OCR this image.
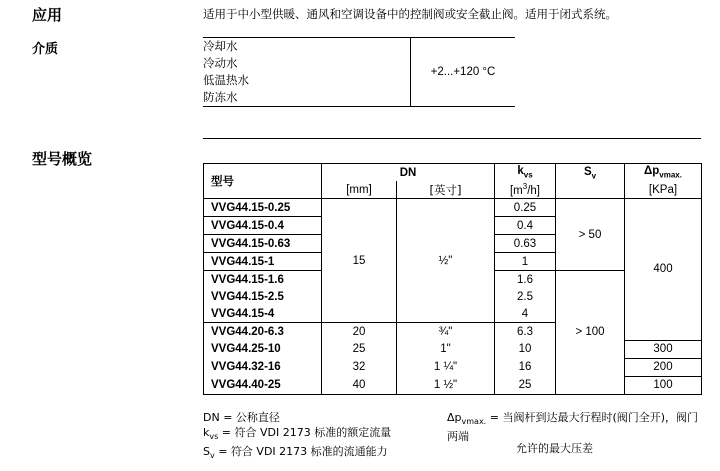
应用	适用于中小型供暖、通风和空调设备中的控制阀或安全截止阀。适用于闭式系统。
介质	冷却水
冷动水
低温热水
防冻水
	+2...+120 °C
型号概览
型号	DN		$k_{vs}$	$S_v$	$\Delta p_{vmax.}$
	[mm]	[英寸]	$[m^3/h]$		[KPa]
VVG44.15-0.25	15	½"	0.25	> 50	400
VVG44.15-0.4			0.4		
VVG44.15-0.63			0.63		
VVG44.15-1			1		
VVG44.15-1.6			1.6	> 100	
VVG44.15-2.5			2.5		
VVG44.15-4			4		
VVG44.20-6.3	20	¾"	6.3		
VVG44.25-10	25	1"	10		300
VVG44.32-16	32	1 ¼"	16		200
VVG44.40-25	40	1 ½"	25		100
DN = 公称直径
$k_{vs}$ = 符合 VDI 2173 标准的额定流量
$S_v$ = 符合 VDI 2173 标准的流通能力
$\Delta p_{vmax.}$ = 当阀杆到达最大行程时(阀门全开)，阀门两端
允许的最大压差
